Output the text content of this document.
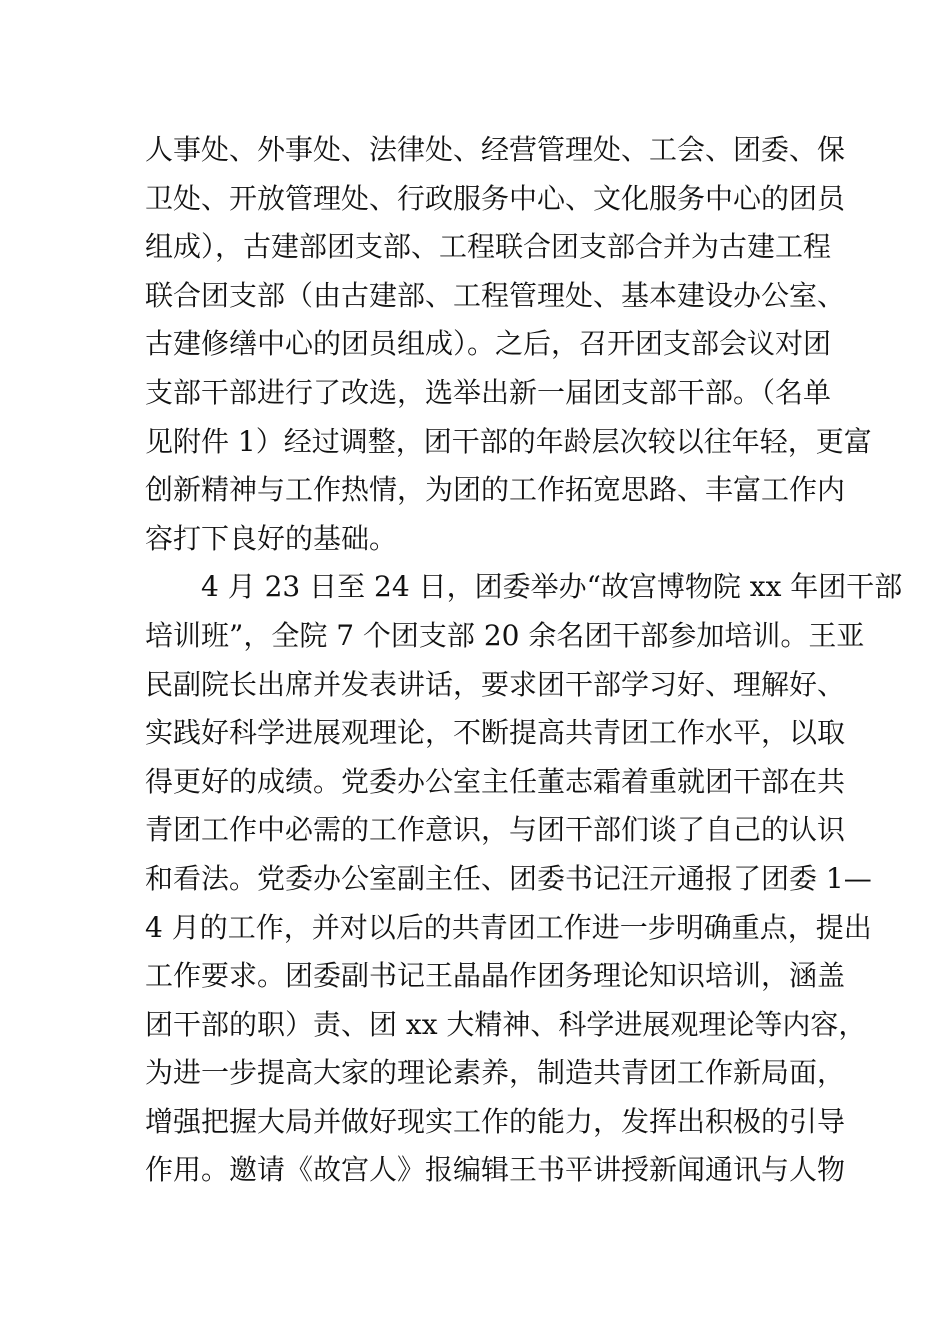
人事处、外事处、法律处、经营管理处、工会、团委、保
卫处、开放管理处、行政服务中心、文化服务中心的团员
组成），古建部团支部、工程联合团支部合并为古建工程
联合团支部（由古建部、工程管理处、基本建设办公室、
古建修缮中心的团员组成）。之后，召开团支部会议对团
支部干部进行了改选，选举出新一届团支部干部。（名单
见附件 1）经过调整，团干部的年龄层次较以往年轻，更富
创新精神与工作热情，为团的工作拓宽思路、丰富工作内
容打下良好的基础。
4 月 23 日至 24 日，团委举办“故宫博物院 xx 年团干部
培训班”，全院 7 个团支部 20 余名团干部参加培训。王亚
民副院长出席并发表讲话，要求团干部学习好、理解好、
实践好科学进展观理论，不断提高共青团工作水平，以取
得更好的成绩。党委办公室主任董志霜着重就团干部在共
青团工作中必需的工作意识，与团干部们谈了自己的认识
和看法。党委办公室副主任、团委书记汪亓通报了团委 1—
4 月的工作，并对以后的共青团工作进一步明确重点，提出
工作要求。团委副书记王晶晶作团务理论知识培训，涵盖
团干部的职）责、团 xx 大精神、科学进展观理论等内容，
为进一步提高大家的理论素养，制造共青团工作新局面，
增强把握大局并做好现实工作的能力，发挥出积极的引导
作用。邀请《故宫人》报编辑王书平讲授新闻通讯与人物
